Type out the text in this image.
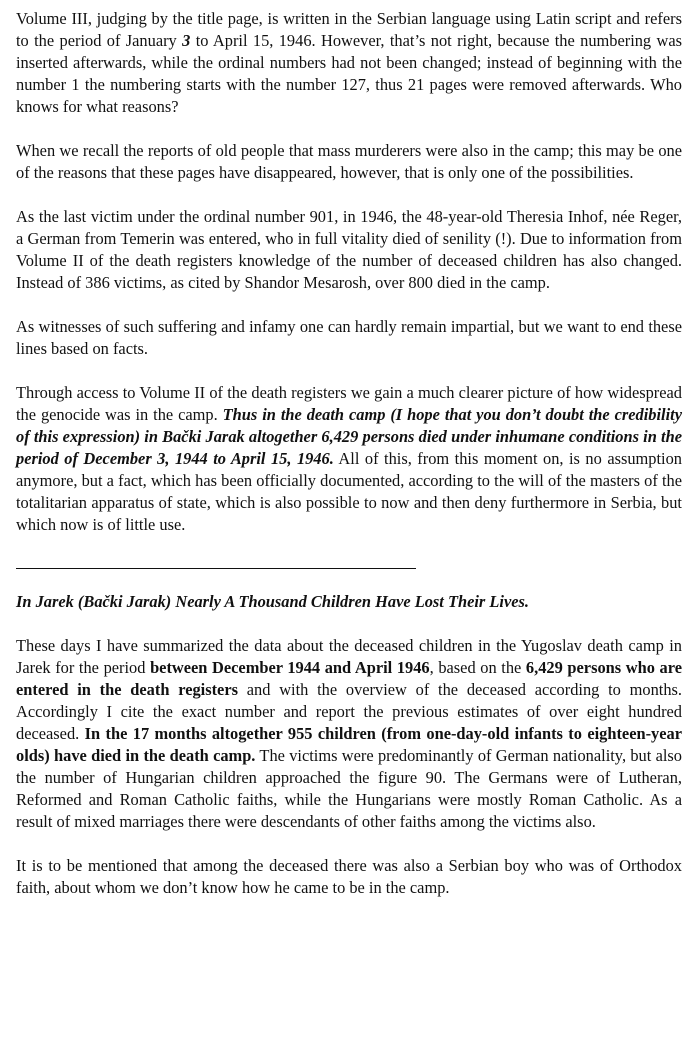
Volume III, judging by the title page, is written in the Serbian language using Latin script and refers to the period of January 3 to April 15, 1946. However, that’s not right, because the numbering was inserted afterwards, while the ordinal numbers had not been changed; instead of beginning with the number 1 the numbering starts with the number 127, thus 21 pages were removed afterwards. Who knows for what reasons?

When we recall the reports of old people that mass murderers were also in the camp; this may be one of the reasons that these pages have disappeared, however, that is only one of the possibilities.

As the last victim under the ordinal number 901, in 1946, the 48-year-old Theresia Inhof, née Reger, a German from Temerin was entered, who in full vitality died of senility (!). Due to information from Volume II of the death registers knowledge of the number of deceased children has also changed. Instead of 386 victims, as cited by Shandor Mesarosh, over 800 died in the camp.

As witnesses of such suffering and infamy one can hardly remain impartial, but we want to end these lines based on facts.

Through access to Volume II of the death registers we gain a much clearer picture of how widespread the genocide was in the camp. Thus in the death camp (I hope that you don’t doubt the credibility of this expression) in Bački Jarak altogether 6,429 persons died under inhumane conditions in the period of December 3, 1944 to April 15, 1946. All of this, from this moment on, is no assumption anymore, but a fact, which has been officially documented, according to the will of the masters of the totalitarian apparatus of state, which is also possible to now and then deny furthermore in Serbia, but which now is of little use.

In Jarek (Bački Jarak) Nearly A Thousand Children Have Lost Their Lives.

These days I have summarized the data about the deceased children in the Yugoslav death camp in Jarek for the period between December 1944 and April 1946, based on the 6,429 persons who are entered in the death registers and with the overview of the deceased according to months. Accordingly I cite the exact number and report the previous estimates of over eight hundred deceased. In the 17 months altogether 955 children (from one-day-old infants to eighteen-year olds) have died in the death camp. The victims were predominantly of German nationality, but also the number of Hungarian children approached the figure 90. The Germans were of Lutheran, Reformed and Roman Catholic faiths, while the Hungarians were mostly Roman Catholic. As a result of mixed marriages there were descendants of other faiths among the victims also.

It is to be mentioned that among the deceased there was also a Serbian boy who was of Orthodox faith, about whom we don’t know how he came to be in the camp.
